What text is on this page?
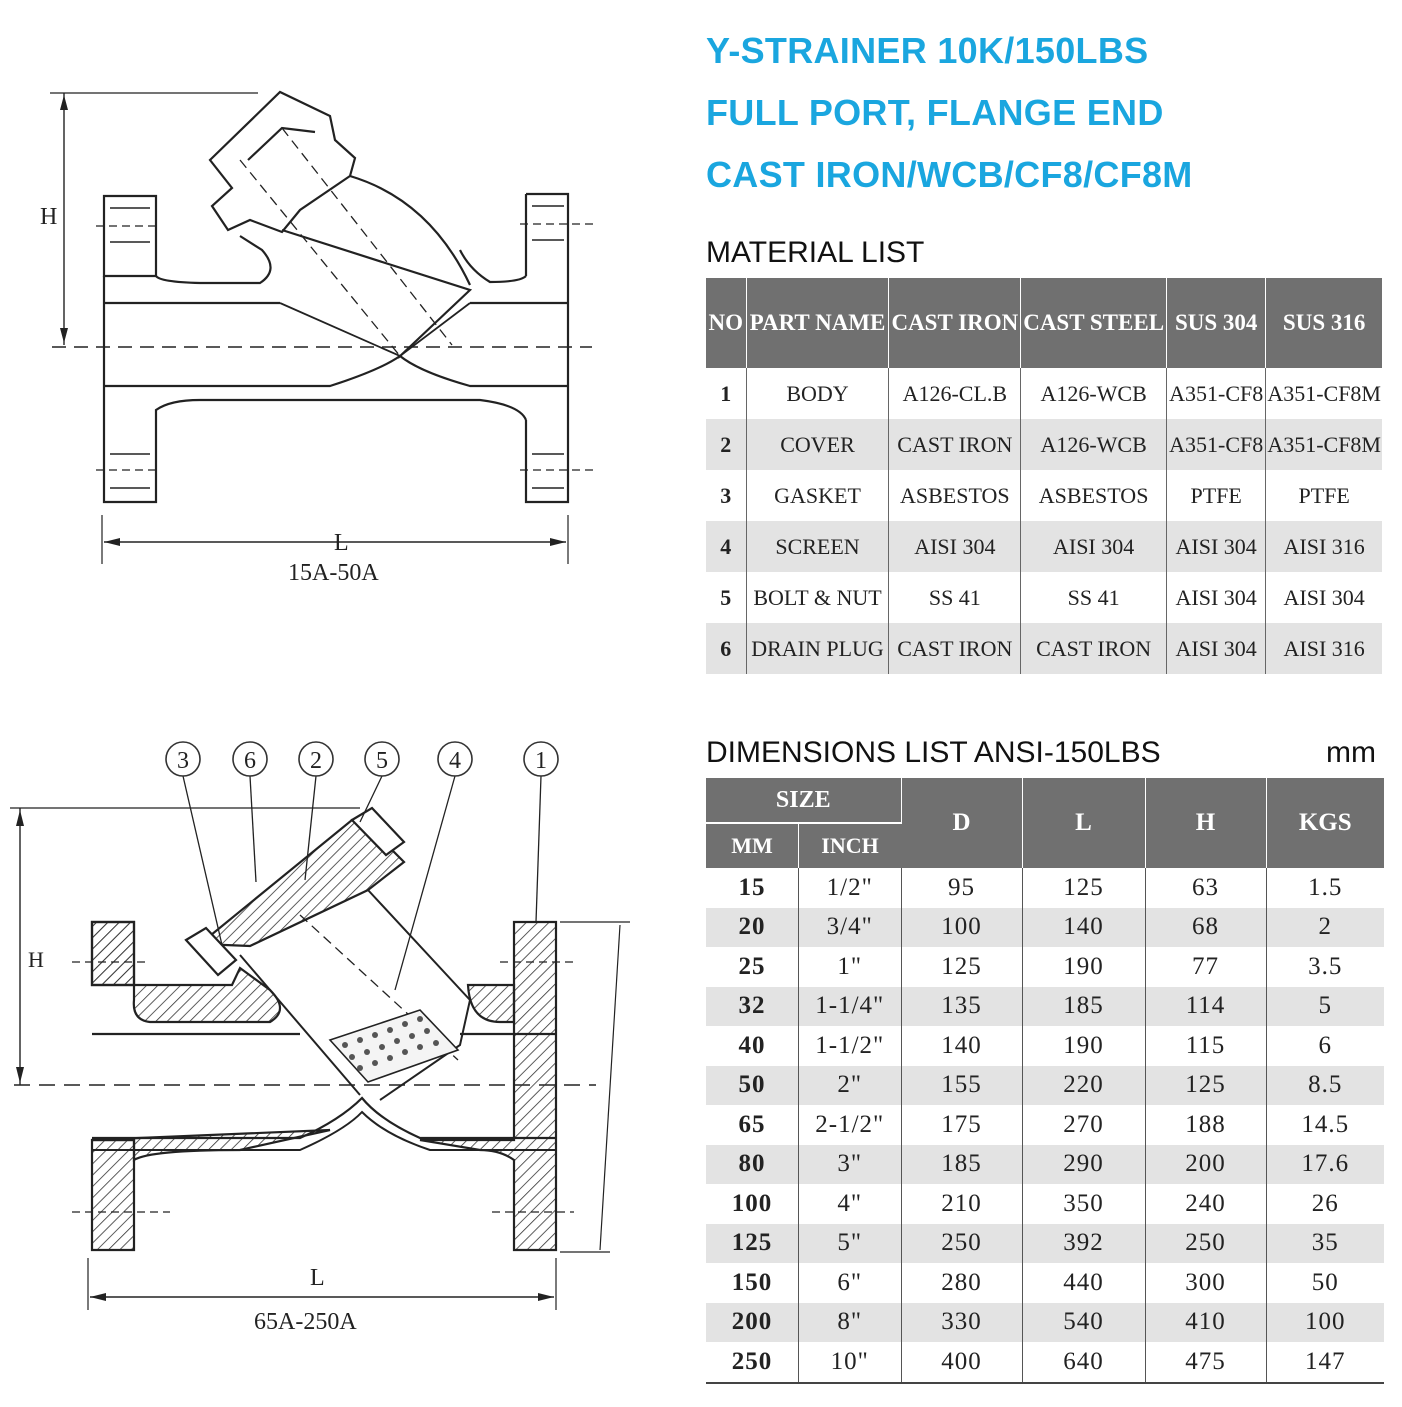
Y-STRAINER 10K/150LBS
FULL PORT, FLANGE END
CAST IRON/WCB/CF8/CF8M
H
L
15A-50A
3 6 2 5	4	1
H
L
65A-250A
MATERIAL LIST
NO	PART NAME	CAST IRON	CAST STEEL	SUS 304	SUS 316
1	BODY	A126-CL.B	A126-WCB	A351-CF8	A351-CF8M
2	COVER	CAST IRON	A126-WCB	A351-CF8	A351-CF8M
3	GASKET	ASBESTOS	ASBESTOS	PTFE	PTFE
4	SCREEN	AISI 304	AISI 304	AISI 304	AISI 316
5	BOLT & NUT	SS 41	SS 41	AISI 304	AISI 304
6	DRAIN PLUG	CAST IRON	CAST IRON	AISI 304	AISI 316
DIMENSIONS LIST ANSI-150LBS	mm
SIZE		D	L	H	KGS
MM	INCH				
15	1/2"	95	125	63	1.5
20	3/4"	100	140	68	2
25	1"	125	190	77	3.5
32	1-1/4"	135	185	114	5
40	1-1/2"	140	190	115	6
50	2"	155	220	125	8.5
65	2-1/2"	175	270	188	14.5
80	3"	185	290	200	17.6
100	4"	210	350	240	26
125	5"	250	392	250	35
150	6"	280	440	300	50
200	8"	330	540	410	100
250	10"	400	640	475	147
